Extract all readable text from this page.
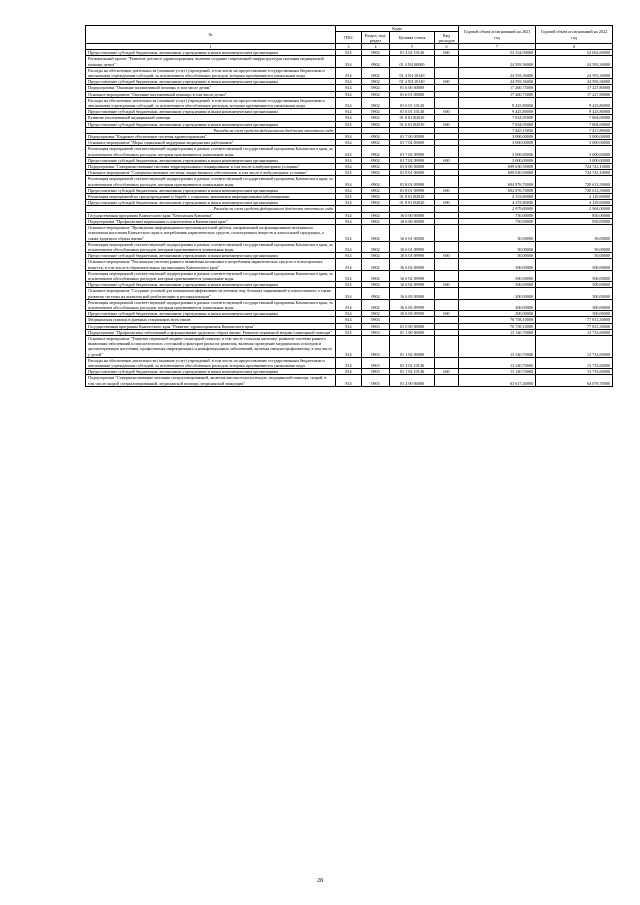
№	Коды				Годовой объем ассигнований на 2021 год	Годовой объем ассигнований на 2022 год
	ГРБС	Раздел, под-раздел	Целевая статья	Вид расходов		
1	3	4	5	6	7	8
Предоставление субсидий бюджетным, автономным учреждениям и иным некоммерческим организациям	814	0902	01 4 02 10140	600	52 334,90000	52 662,60000
Региональный проект "Развитие детского здравоохранения, включая создание современной инфраструктуры оказания медицинской помощи детям"	814	0902	01 4 N4 00000		24 593,36000	24 593,36000
Расходы на обеспечение деятельности (оказание услуг) учреждений, в том числе на предоставление государственным бюджетным и автономным учреждениям субсидий, за исключением обособленных расходов, которым присваиваются уникальные коды	814	0902	01 4 N4 10140		24 593,36000	24 593,36000
Предоставление субсидий бюджетным, автономным учреждениям и иным некоммерческим организациям	814	0902	01 4 N4 10140	600	24 593,36000	24 593,36000
Подпрограмма "Оказание паллиативной помощи, в том числе детям"	814	0902	01 6 00 00000		17 260,75000	17 227,80000
Основное мероприятие "Оказание паллиативной помощи, в том числе детям"	814	0902	01 6 01 00000		17 260,75000	17 227,80000
Расходы на обеспечение деятельности (оказание услуг) учреждений, в том числе на предоставление государственным бюджетным и автономным учреждениям субсидий, за исключением обособленных расходов, которым присваиваются уникальные коды	814	0902	01 6 01 10140		9 425,80000	9 423,80000
Предоставление субсидий бюджетным, автономным учреждениям и иным некоммерческим организациям	814	0902	01 6 01 10140	600	9 425,80000	9 423,80000
Развитие паллиативной медицинской помощи	814	0902	01 6 01 R2010		7 834,95000	7 804,00000
Предоставление субсидий бюджетным, автономным учреждениям и иным некоммерческим организациям	814	0902	01 6 01 R2010	600	7 834,95000	7 804,00000
Расходы за счет средств федерального бюджета отчетного года					7 443,10000	7 413,80000
Подпрограмма "Кадровое обеспечение системы здравоохранения"	814	0902	01 7 00 00000		3 000,00000	3 000,00000
Основное мероприятие "Меры социальной поддержки медицинских работников"	814	0902	01 7 02 00000		3 000,00000	3 000,00000
Реализация мероприятий соответствующей подпрограммы в рамках соответствующей государственной программы Камчатского края, за исключением обособленных расходов, которым присваиваются уникальные коды	814	0902	01 7 02 09990		3 000,00000	3 000,00000
Предоставление субсидий бюджетным, автономным учреждениям и иным некоммерческим организациям	814	0902	01 7 02 09990	600	3 000,00000	3 000,00000
Подпрограмма "Совершенствование системы территориального планирования, в том числе в амбулаторных условиях"	814	0902	01 8 00 00000		699 030,50000	724 743,10000
Основное мероприятие "Совершенствование системы лекарственного обеспечения, в том числе в амбулаторных условиях"	814	0902	01 8 01 00000		699 030,50000	724 743,10000
Реализация мероприятий соответствующей подпрограммы в рамках соответствующей государственной программы Камчатского края, за исключением обособленных расходов, которым присваиваются уникальные коды	814	0902	01 8 01 09990		694 876,70000	720 613,50000
Предоставление субсидий бюджетным, автономным учреждениям и иным некоммерческим организациям	814	0902	01 8 01 09990	600	694 876,70000	720 613,50000
Реализация мероприятий по предупреждению и борьбе с социально значимыми инфекционными заболеваниями	814	0902	01 8 01 R2020		4 153,80000	4 129,60000
Предоставление субсидий бюджетным, автономным учреждениям и иным некоммерческим организациям	814	0902	01 8 01 R2020	600	4 153,80000	4 129,60000
Расходы за счет средств федерального бюджета отчетного года					2 979,80000	2 964,00000
Государственная программа Камчатского края "Безопасная Камчатка"	814	0902	16 0 00 00000		750,00000	850,00000
Подпрограмма "Профилактика наркомании и алкоголизма в Камчатском крае"	814	0902	16 6 00 00000		750,00000	850,00000
Основное мероприятие "Проведение информационно-пропагандистской работы, направленной на формирование негативного отношения населения Камчатского края к потреблению наркотических средств, психотропных веществ и алкогольной продукции, а также здорового образа жизни"	814	0902	16 6 01 00000		50,00000	50,00000
Реализация мероприятий соответствующей подпрограммы в рамках соответствующей государственной программы Камчатского края, за исключением обособленных расходов, которым присваиваются уникальные коды	814	0902	16 6 01 09990		50,00000	50,00000
Предоставление субсидий бюджетным, автономным учреждениям и иным некоммерческим организациям	814	0902	16 6 01 09990	600	50,00000	50,00000
Основное мероприятие "Реализация системы раннего выявления незаконного потребления наркотических средств и психотропных веществ, в том числе в образовательных организациях Камчатского края"	814	0902	16 6 02 00000		500,00000	500,00000
Реализация мероприятий соответствующей подпрограммы в рамках соответствующей государственной программы Камчатского края, за исключением обособленных расходов, которым присваиваются уникальные коды	814	0902	16 6 02 09990		500,00000	500,00000
Предоставление субсидий бюджетным, автономным учреждениям и иным некоммерческим организациям	814	0902	16 6 02 09990	600	500,00000	500,00000
Основное мероприятие "Создание условий для повышения эффективности лечения лиц, больных наркоманией и алкоголизмом, а также развития системы их комплексной реабилитации и ресоциализации"	814	0902	16 6 05 00000		200,00000	300,00000
Реализация мероприятий соответствующей подпрограммы в рамках соответствующей государственной программы Камчатского края, за исключением обособленных расходов, которым присваиваются уникальные коды	814	0902	16 6 05 09990		200,00000	300,00000
Предоставление субсидий бюджетным, автономным учреждениям и иным некоммерческим организациям	814	0902	16 6 05 09990	600	200,00000	300,00000
Медицинская помощь в дневных стационарах всех типов	814	0903			76 758,10000	77 813,30000
Государственная программа Камчатского края "Развитие здравоохранения Камчатского края"	814	0903	01 0 00 00000		76 758,10000	77 813,30000
Подпрограмма "Профилактика заболеваний и формирование здорового образа жизни. Развитие первичной медико-санитарной помощи"	814	0903	01 1 00 00000		13 140,70000	13 733,60000
Основное мероприятие "Развитие первичной медико-санитарной помощи, в том числе сельским жителям, развитие системы раннего выявления заболеваний и патологических состояний и факторов риска их развития, включая проведение медицинских осмотров и диспансеризации населения, профилактика инфекционных и неинфекционных заболеваний, включая иммунопрофилактику, в том числе у детей"	814	0903	01 1 02 00000		13 140,70000	13 733,60000
Расходы на обеспечение деятельности (оказание услуг) учреждений, в том числе на предоставление государственным бюджетным и автономным учреждениям субсидий, за исключением обособленных расходов, которым присваиваются уникальные коды	814	0903	01 1 02 10140		13 140,70000	13 733,60000
Предоставление субсидий бюджетным, автономным учреждениям и иным некоммерческим организациям	814	0903	01 1 02 10140	600	13 140,70000	13 733,60000
Подпрограмма "Совершенствование оказания специализированной, включая высокотехнологичную, медицинской помощи, скорой, в том числе скорой специализированной, медицинской помощи, медицинской эвакуации"	814	0903	01 2 00 00000		63 617,40000	64 079,70000
28
